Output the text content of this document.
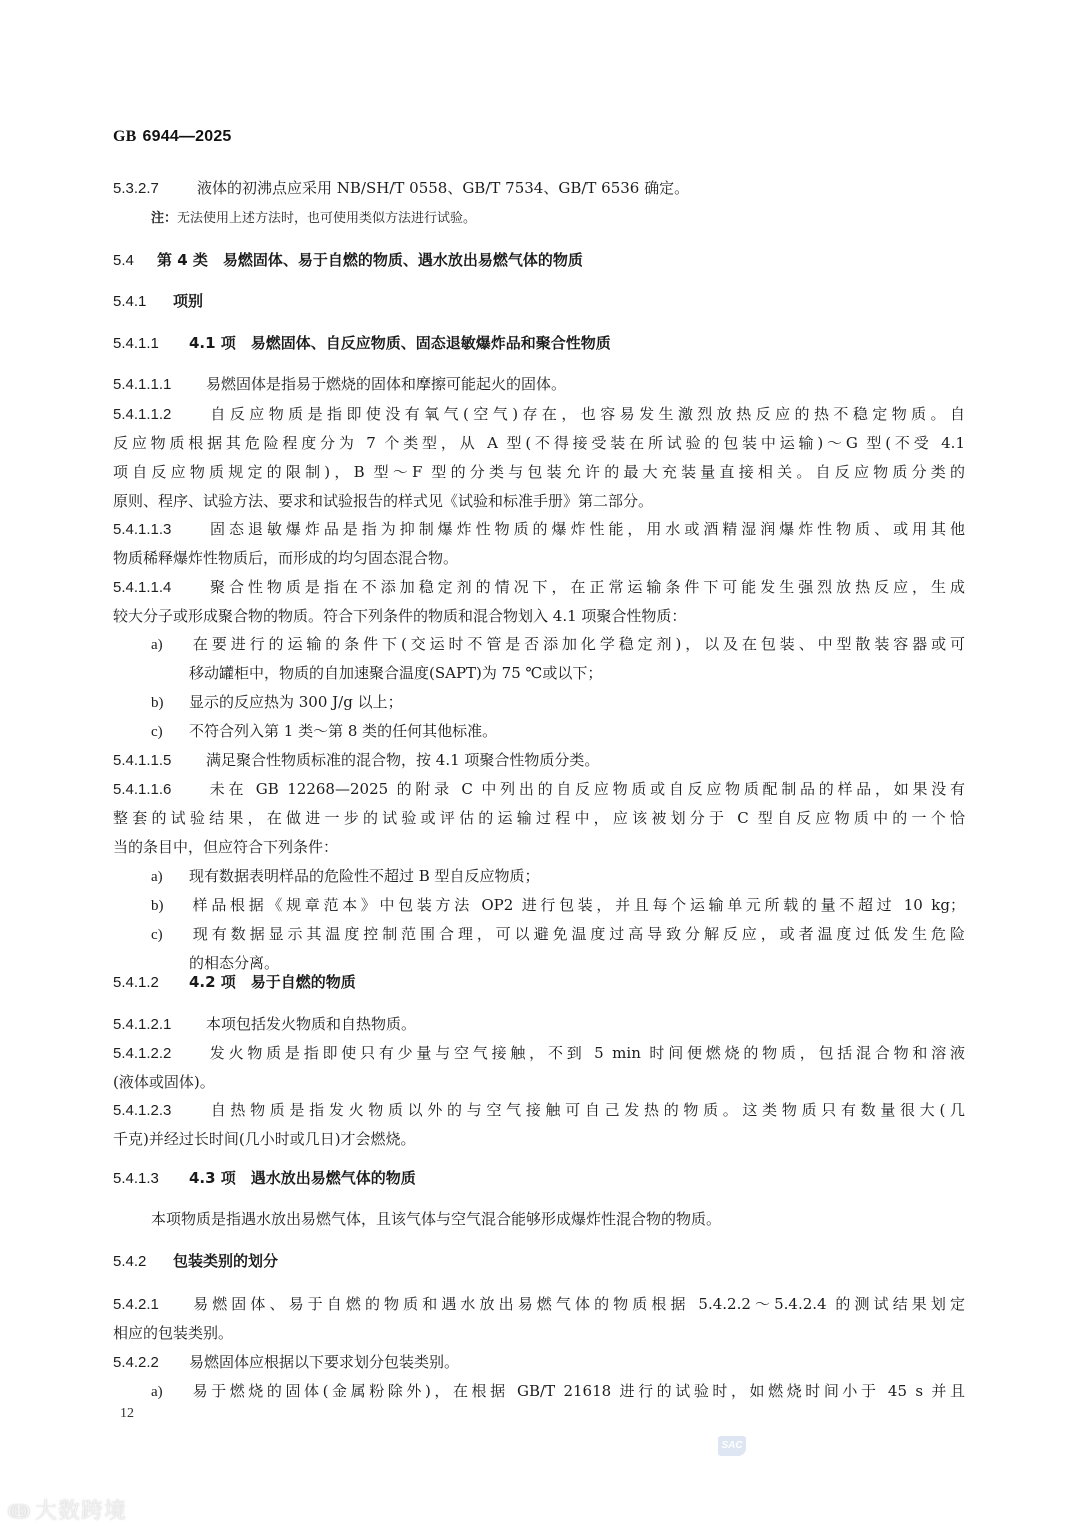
GB 6944—2025
5.3.2.7	液体的初沸点应采用 NB/SH/T 0558、GB/T 7534、GB/T 6536 确定。
注：无法使用上述方法时，也可使用类似方法进行试验。
5.4 第 4 类　易燃固体、易于自燃的物质、遇水放出易燃气体的物质
5.4.1 项别
5.4.1.1 4.1 项　易燃固体、自反应物质、固态退敏爆炸品和聚合性物质
5.4.1.1.1 易燃固体是指易于燃烧的固体和摩擦可能起火的固体。
5.4.1.1.2 自反应物质是指即使没有氧气(空气)存在，也容易发生激烈放热反应的热不稳定物质。自
反应物质根据其危险程度分为 7 个类型，从 A 型(不得接受装在所试验的包装中运输)～G 型(不受 4.1
项自反应物质规定的限制)，B 型～F 型的分类与包装允许的最大充装量直接相关。自反应物质分类的
原则、程序、试验方法、要求和试验报告的样式见《试验和标准手册》第二部分。
5.4.1.1.3 固态退敏爆炸品是指为抑制爆炸性物质的爆炸性能，用水或酒精湿润爆炸性物质、或用其他
物质稀释爆炸性物质后，而形成的均匀固态混合物。
5.4.1.1.4 聚合性物质是指在不添加稳定剂的情况下，在正常运输条件下可能发生强烈放热反应，生成
较大分子或形成聚合物的物质。符合下列条件的物质和混合物划入 4.1 项聚合性物质：
a) 在要进行的运输的条件下(交运时不管是否添加化学稳定剂)，以及在包装、中型散装容器或可
移动罐柜中，物质的自加速聚合温度(SAPT)为 75 ℃或以下；
b) 显示的反应热为 300 J/g 以上；
c) 不符合列入第 1 类～第 8 类的任何其他标准。
5.4.1.1.5 满足聚合性物质标准的混合物，按 4.1 项聚合性物质分类。
5.4.1.1.6 未在 GB 12268—2025 的附录 C 中列出的自反应物质或自反应物质配制品的样品，如果没有
整套的试验结果，在做进一步的试验或评估的运输过程中，应该被划分于 C 型自反应物质中的一个恰
当的条目中，但应符合下列条件：
a) 现有数据表明样品的危险性不超过 B 型自反应物质；
b) 样品根据《规章范本》中包装方法 OP2 进行包装，并且每个运输单元所载的量不超过 10 kg；
c) 现有数据显示其温度控制范围合理，可以避免温度过高导致分解反应，或者温度过低发生危险
的相态分离。
5.4.1.2 4.2 项　易于自燃的物质
5.4.1.2.1 本项包括发火物质和自热物质。
5.4.1.2.2 发火物质是指即使只有少量与空气接触，不到 5 min 时间便燃烧的物质，包括混合物和溶液
(液体或固体)。
5.4.1.2.3 自热物质是指发火物质以外的与空气接触可自己发热的物质。这类物质只有数量很大(几
千克)并经过长时间(几小时或几日)才会燃烧。
5.4.1.3 4.3 项　遇水放出易燃气体的物质
本项物质是指遇水放出易燃气体，且该气体与空气混合能够形成爆炸性混合物的物质。
5.4.2 包装类别的划分
5.4.2.1 易燃固体、易于自燃的物质和遇水放出易燃气体的物质根据 5.4.2.2～5.4.2.4 的测试结果划定
相应的包装类别。
5.4.2.2 易燃固体应根据以下要求划分包装类别。
a) 易于燃烧的固体(金属粉除外)，在根据 GB/T 21618 进行的试验时，如燃烧时间小于 45 s 并且
12
SAC
ↈ 大数跨境
